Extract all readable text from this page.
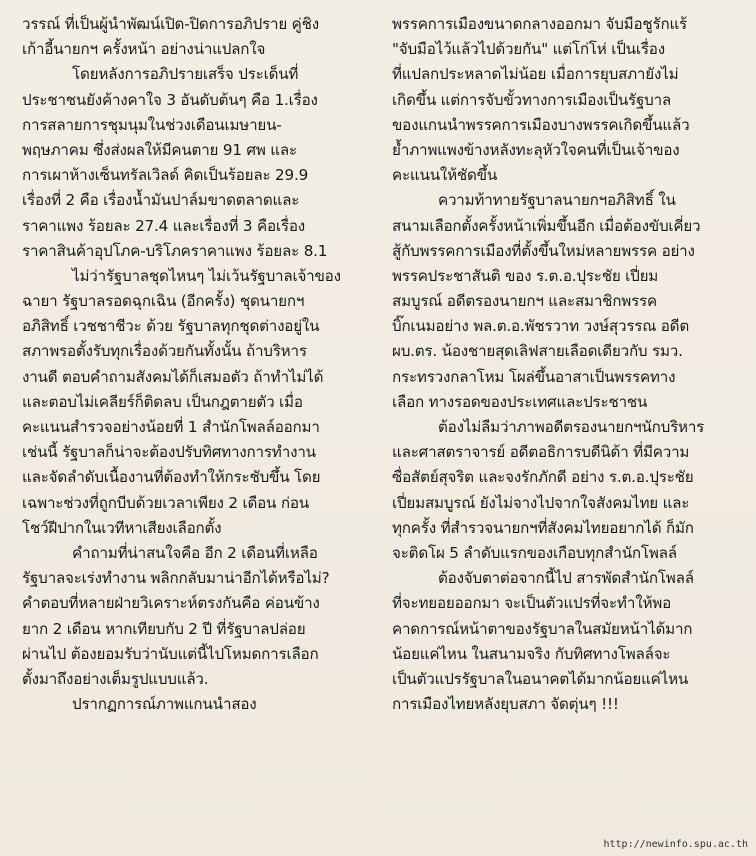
วรรณ์ ที่เป็นผู้นำพัฒน์เปิด-ปิดการอภิปราย คู่ชิง
เก้าอี้นายกฯ ครั้งหน้า อย่างน่าแปลกใจ
โดยหลังการอภิปรายเสร็จ ประเด็นที่
ประชาชนยังค้างคาใจ 3 อันดับต้นๆ คือ 1.เรื่อง
การสลายการชุมนุมในช่วงเดือนเมษายน-
พฤษภาคม ซึ่งส่งผลให้มีคนตาย 91 ศพ และ
การเผาห้างเซ็นทรัลเวิลด์ คิดเป็นร้อยละ 29.9
เรื่องที่ 2 คือ เรื่องน้ำมันปาล์มขาดตลาดและ
ราคาแพง ร้อยละ 27.4 และเรื่องที่ 3 คือเรื่อง
ราคาสินค้าอุปโภค-บริโภคราคาแพง ร้อยละ 8.1
ไม่ว่ารัฐบาลชุดไหนๆ ไม่เว้นรัฐบาลเจ้าของ
ฉายา รัฐบาลรอดฉุกเฉิน (อีกครั้ง) ชุดนายกฯ
อภิสิทธิ์ เวชชาชีวะ ด้วย รัฐบาลทุกชุดต่างอยู่ใน
สภาพรอตั้งรับทุกเรื่องด้วยกันทั้งนั้น ถ้าบริหาร
งานดี ตอบคำถามสังคมได้ก็เสมอตัว ถ้าทำไม่ได้
และตอบไม่เคลียร์ก็ติดลบ เป็นกฎตายตัว เมื่อ
คะแนนสำรวจอย่างน้อยที่ 1 สำนักโพลล์ออกมา
เช่นนี้ รัฐบาลก็น่าจะต้องปรับทิศทางการทำงาน
และจัดลำดับเนื้องานที่ต้องทำให้กระชับขึ้น โดย
เฉพาะช่วงที่ถูกบีบด้วยเวลาเพียง 2 เดือน ก่อน
โชว์ฝีปากในเวทีหาเสียงเลือกตั้ง
คำถามที่น่าสนใจคือ อีก 2 เดือนที่เหลือ
รัฐบาลจะเร่งทำงาน พลิกกลับมาน่าอีกได้หรือไม่?
คำตอบที่หลายฝ่ายวิเคราะห์ตรงกันคือ ค่อนข้าง
ยาก 2 เดือน หากเทียบกับ 2 ปี ที่รัฐบาลปล่อย
ผ่านไป ต้องยอมรับว่านับแต่นี้ไปโหมดการเลือก
ตั้งมาถึงอย่างเต็มรูปแบบแล้ว.
ปรากฏการณ์ภาพแกนนำสอง
พรรคการเมืองขนาดกลางออกมา จับมือชูรักแร้
"จับมือไว้แล้วไปด้วยกัน" แต่โก่โห่ เป็นเรื่อง
ที่แปลกประหลาดไม่น้อย เมื่อการยุบสภายังไม่
เกิดขึ้น แต่การจับขั้วทางการเมืองเป็นรัฐบาล
ของแกนนำพรรคการเมืองบางพรรคเกิดขึ้นแล้ว
ย้ำภาพแพงข้างหลังทะลุหัวใจคนที่เป็นเจ้าของ
คะแนนให้ชัดขึ้น
ความท้าทายรัฐบาลนายกฯอภิสิทธิ์ ใน
สนามเลือกตั้งครั้งหน้าเพิ่มขึ้นอีก เมื่อต้องขับเคี่ยว
สู้กับพรรคการเมืองที่ตั้งขึ้นใหม่หลายพรรค อย่าง
พรรคประชาสันติ ของ ร.ต.อ.ปุระชัย เปี่ยม
สมบูรณ์ อดีตรองนายกฯ และสมาชิกพรรค
บิ๊กเนมอย่าง พล.ต.อ.พัชรวาท วงษ์สุวรรณ อดีต
ผบ.ตร. น้องชายสุดเลิฟสายเลือดเดียวกับ รมว.
กระทรวงกลาโหม โผล่ขึ้นอาสาเป็นพรรคทาง
เลือก ทางรอดของประเทศและประชาชน
ต้องไม่ลืมว่าภาพอดีตรองนายกฯนักบริหาร
และศาสตราจารย์ อดีตอธิการบดีนิด้า ที่มีความ
ซื่อสัตย์สุจริต และจงรักภักดี อย่าง ร.ต.อ.ปุระชัย
เปี่ยมสมบูรณ์ ยังไม่จางไปจากใจสังคมไทย และ
ทุกครั้ง ที่สำรวจนายกฯที่สังคมไทยอยากได้ ก็มัก
จะติดโผ 5 ลำดับแรกของเกือบทุกสำนักโพลล์
ต้องจับตาต่อจากนี้ไป สารพัดสำนักโพลล์
ที่จะทยอยออกมา จะเป็นตัวแปรที่จะทำให้พอ
คาดการณ์หน้าตาของรัฐบาลในสมัยหน้าได้มาก
น้อยแค่ไหน ในสนามจริง กับทิศทางโพลล์จะ
เป็นตัวแปรรัฐบาลในอนาคตได้มากน้อยแค่ไหน
การเมืองไทยหลังยุบสภา จัดตุ่นๆ !!!
http://newinfo.spu.ac.th
